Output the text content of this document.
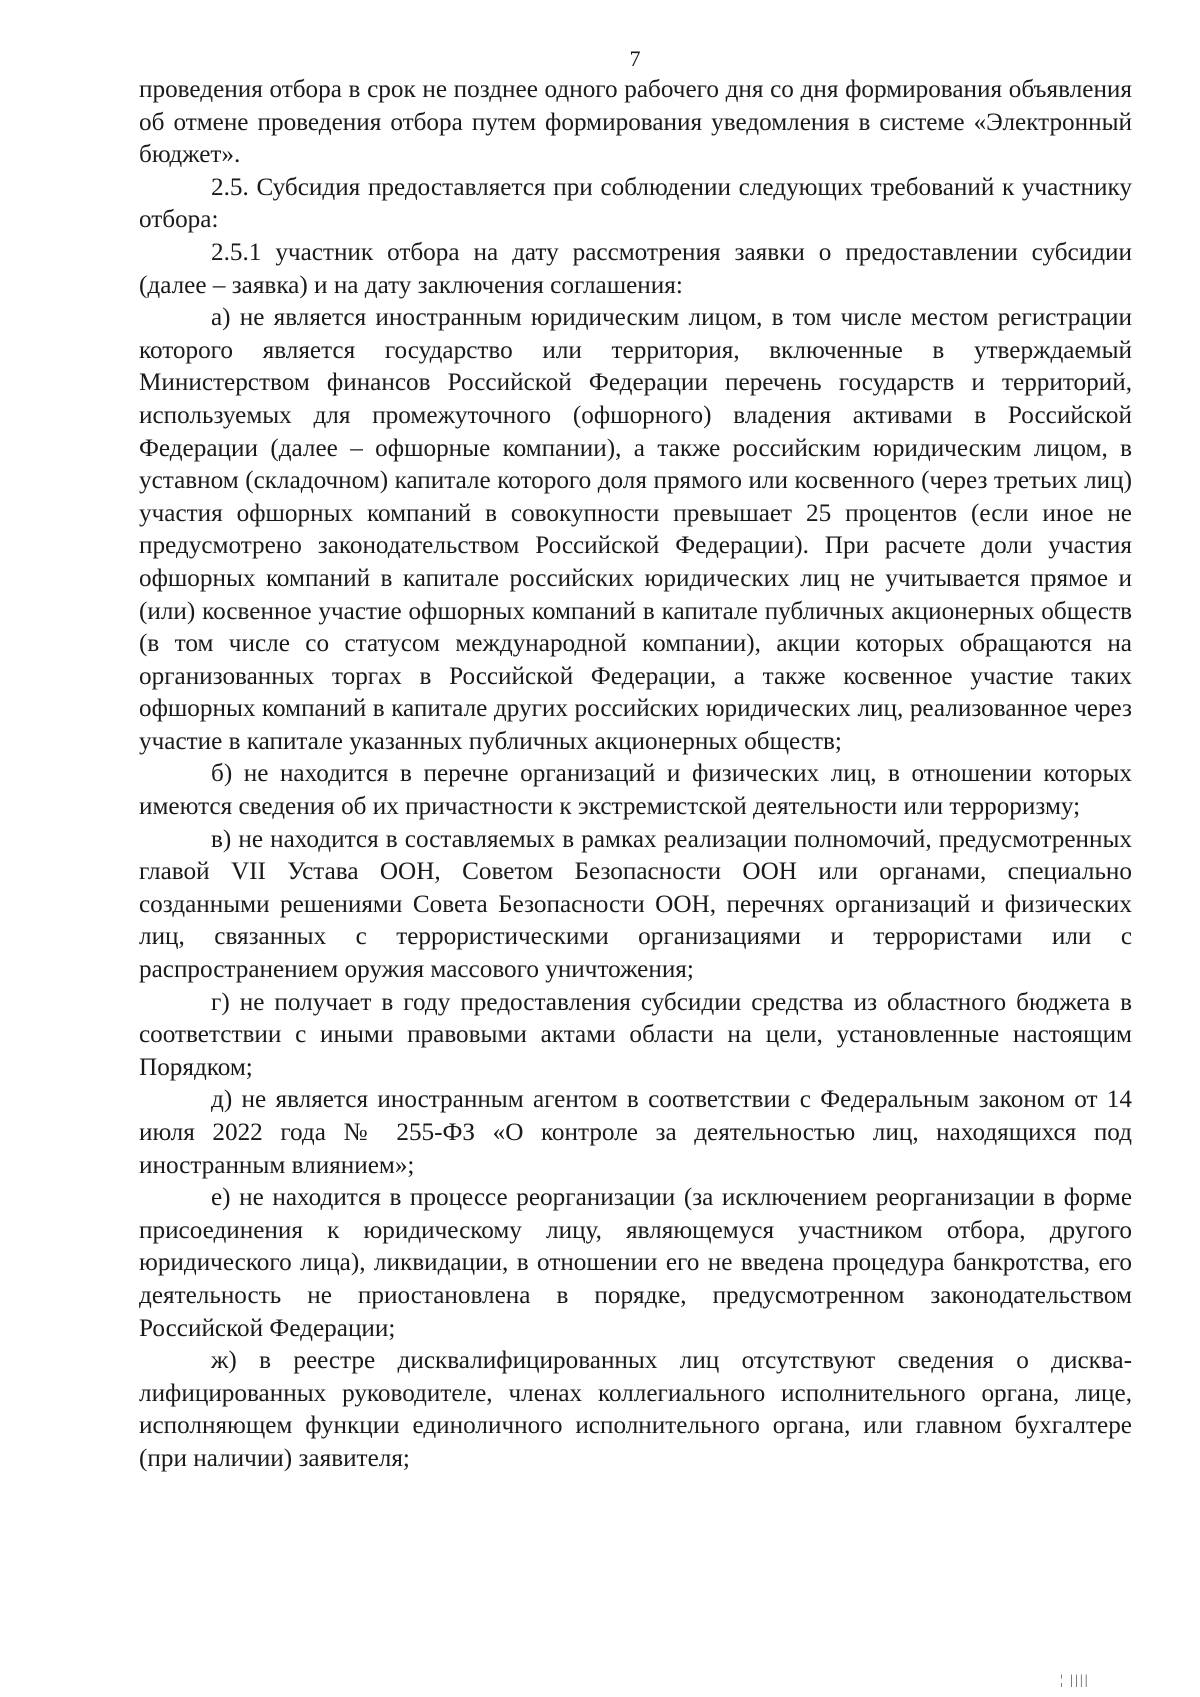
7

проведения отбора в срок не позднее одного рабочего дня со дня формирования объявления об отмене проведения отбора путем формирования уведомления в системе «Электронный бюджет».

2.5. Субсидия предоставляется при соблюдении следующих требований к участнику отбора:

2.5.1 участник отбора на дату рассмотрения заявки о предоставлении субсидии (далее – заявка) и на дату заключения соглашения:

а) не является иностранным юридическим лицом, в том числе местом регистрации которого является государство или территория, включенные в утверждаемый Министерством финансов Российской Федерации перечень государств и территорий, используемых для промежуточного (офшорного) владения активами в Российской Федерации (далее – офшорные компании), а также российским юридическим лицом, в уставном (складочном) капитале которого доля прямого или косвенного (через третьих лиц) участия офшорных компаний в совокупности превышает 25 процентов (если иное не предусмотрено законодательством Российской Федерации). При расчете доли участия офшорных компаний в капитале российских юридических лиц не учитывается прямое и (или) косвенное участие офшорных компаний в капитале публичных акционерных обществ (в том числе со статусом международной компании), акции которых обращаются на организованных торгах в Российской Федерации, а также косвенное участие таких офшорных компаний в капитале других российских юридических лиц, реализованное через участие в капитале указанных публичных акционерных обществ;

б) не находится в перечне организаций и физических лиц, в отношении которых имеются сведения об их причастности к экстремистской деятельности или терроризму;

в) не находится в составляемых в рамках реализации полномочий, предусмотренных главой VII Устава ООН, Советом Безопасности ООН или органами, специально созданными решениями Совета Безопасности ООН, перечнях организаций и физических лиц, связанных с террористическими организациями и террористами или с распространением оружия массового уничтожения;

г) не получает в году предоставления субсидии средства из областного бюджета в соответствии с иными правовыми актами области на цели, установленные настоящим Порядком;

д) не является иностранным агентом в соответствии с Федеральным законом от 14 июля 2022 года № 255-ФЗ «О контроле за деятельностью лиц, находящихся под иностранным влиянием»;

е) не находится в процессе реорганизации (за исключением реорганизации в форме присоединения к юридическому лицу, являющемуся участником отбора, другого юридического лица), ликвидации, в отношении его не введена процедура банкротства, его деятельность не приостановлена в порядке, предусмотренном законодательством Российской Федерации;

ж) в реестре дисквалифицированных лиц отсутствуют сведения о дисквалифицированных руководителе, членах коллегиального исполнительного органа, лице, исполняющем функции единоличного исполнительного органа, или главном бухгалтере (при наличии) заявителя;

¦ ||||
